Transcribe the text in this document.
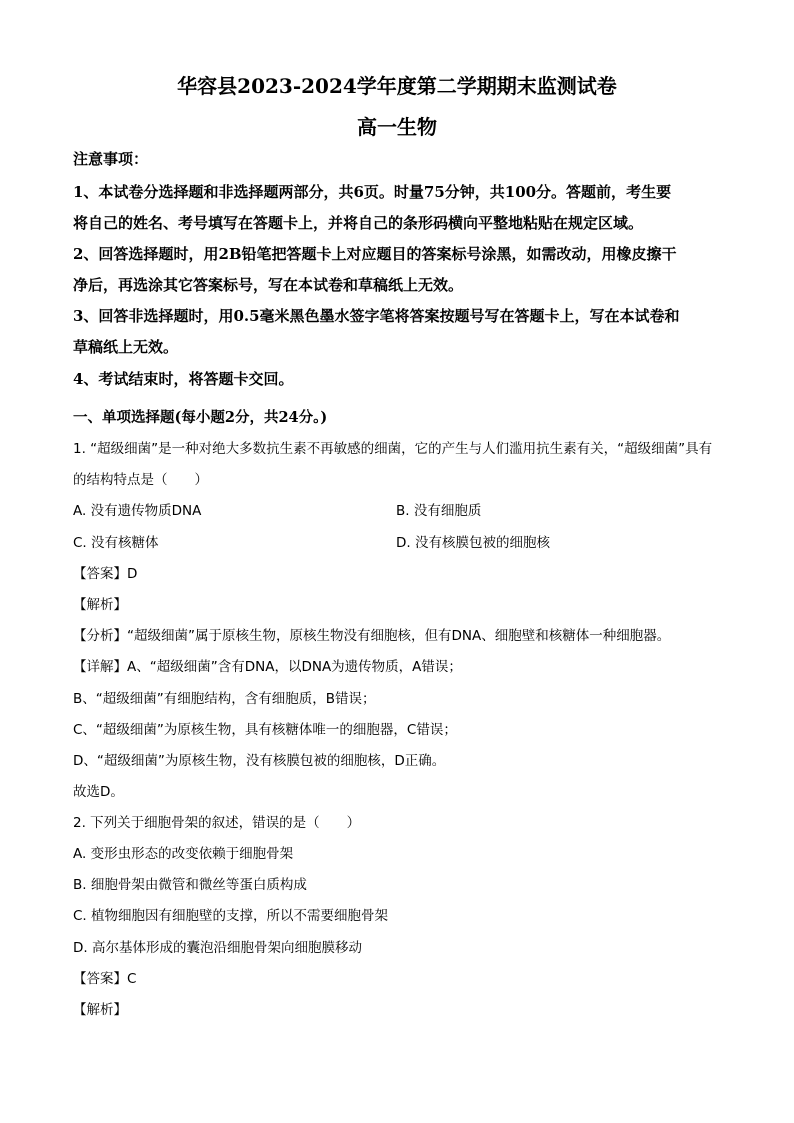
华容县2023-2024学年度第二学期期末监测试卷
高一生物
注意事项：
1、本试卷分选择题和非选择题两部分，共6页。时量75分钟，共100分。答题前，考生要
将自己的姓名、考号填写在答题卡上，并将自己的条形码横向平整地粘贴在规定区域。
2、回答选择题时，用2B铅笔把答题卡上对应题目的答案标号涂黑，如需改动，用橡皮擦干
净后，再选涂其它答案标号，写在本试卷和草稿纸上无效。
3、回答非选择题时，用0.5毫米黑色墨水签字笔将答案按题号写在答题卡上，写在本试卷和
草稿纸上无效。
4、考试结束时，将答题卡交回。
一、单项选择题(每小题2分，共24分。)
1. “超级细菌”是一种对绝大多数抗生素不再敏感的细菌，它的产生与人们滥用抗生素有关，“超级细菌”具有
的结构特点是（　　）
A. 没有遗传物质DNA	B. 没有细胞质
C. 没有核糖体	D. 没有核膜包被的细胞核
【答案】D
【解析】
【分析】“超级细菌”属于原核生物，原核生物没有细胞核，但有DNA、细胞壁和核糖体一种细胞器。
【详解】A、“超级细菌”含有DNA，以DNA为遗传物质，A错误；
B、“超级细菌”有细胞结构，含有细胞质，B错误；
C、“超级细菌”为原核生物，具有核糖体唯一的细胞器，C错误；
D、“超级细菌”为原核生物，没有核膜包被的细胞核，D正确。
故选D。
2. 下列关于细胞骨架的叙述，错误的是（　　）
A. 变形虫形态的改变依赖于细胞骨架
B. 细胞骨架由微管和微丝等蛋白质构成
C. 植物细胞因有细胞壁的支撑，所以不需要细胞骨架
D. 高尔基体形成的囊泡沿细胞骨架向细胞膜移动
【答案】C
【解析】
